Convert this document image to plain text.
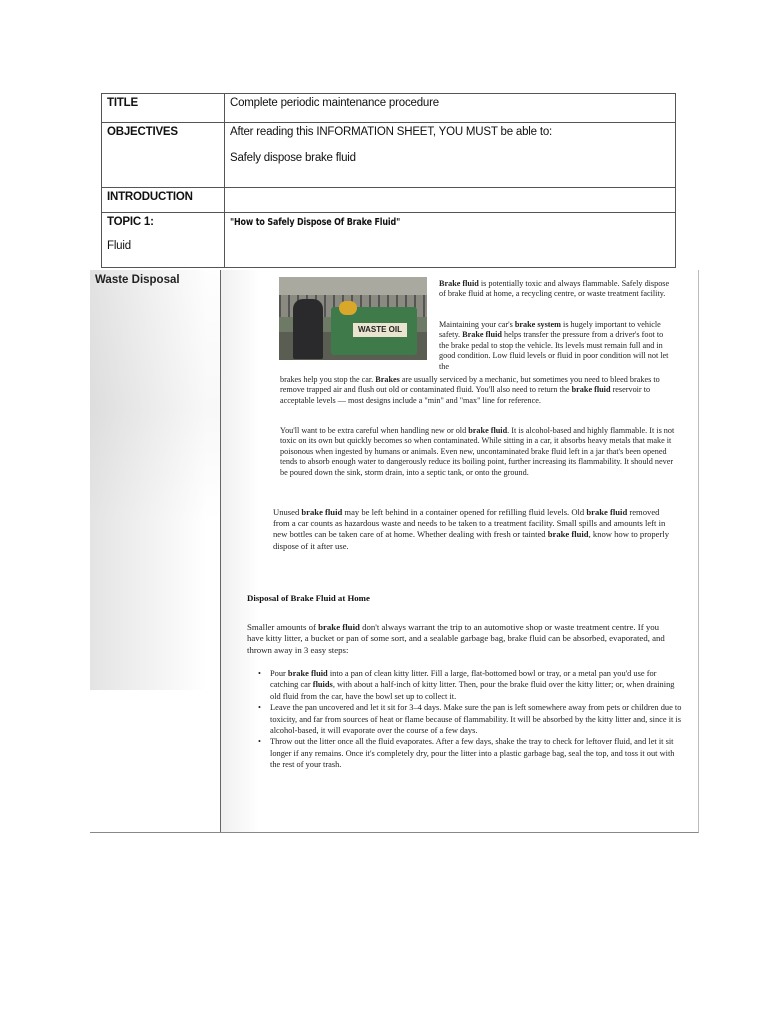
TITLE	Complete periodic maintenance procedure
OBJECTIVES	After reading this INFORMATION SHEET, YOU MUST be able to:
Safely dispose brake fluid

INTRODUCTION	
TOPIC 1:
Fluid	"How to Safely Dispose Of Brake Fluid"
Waste Disposal
WASTE OIL
Brake fluid is potentially toxic and always flammable. Safely dispose of brake fluid at home, a recycling centre, or waste treatment facility.
Maintaining your car's brake system is hugely important to vehicle safety. Brake fluid helps transfer the pressure from a driver's foot to the brake pedal to stop the vehicle. Its levels must remain full and in good condition. Low fluid levels or fluid in poor condition will not let the
brakes help you stop the car. Brakes are usually serviced by a mechanic, but sometimes you need to bleed brakes to remove trapped air and flush out old or contaminated fluid. You'll also need to return the brake fluid reservoir to acceptable levels — most designs include a "min" and "max" line for reference.
You'll want to be extra careful when handling new or old brake fluid. It is alcohol-based and highly flammable. It is not toxic on its own but quickly becomes so when contaminated. While sitting in a car, it absorbs heavy metals that make it poisonous when ingested by humans or animals. Even new, uncontaminated brake fluid left in a jar that's been opened tends to absorb enough water to dangerously reduce its boiling point, further increasing its flammability. It should never be poured down the sink, storm drain, into a septic tank, or onto the ground.
Unused brake fluid may be left behind in a container opened for refilling fluid levels. Old brake fluid removed from a car counts as hazardous waste and needs to be taken to a treatment facility. Small spills and amounts left in new bottles can be taken care of at home. Whether dealing with fresh or tainted brake fluid, know how to properly dispose of it after use.
Disposal of Brake Fluid at Home
Smaller amounts of brake fluid don't always warrant the trip to an automotive shop or waste treatment centre. If you have kitty litter, a bucket or pan of some sort, and a sealable garbage bag, brake fluid can be absorbed, evaporated, and thrown away in 3 easy steps:
• Pour brake fluid into a pan of clean kitty litter. Fill a large, flat-bottomed bowl or tray, or a metal pan you'd use for catching car fluids, with about a half-inch of kitty litter. Then, pour the brake fluid over the kitty litter; or, when draining old fluid from the car, have the bowl set up to collect it.
• Leave the pan uncovered and let it sit for 3–4 days. Make sure the pan is left somewhere away from pets or children due to toxicity, and far from sources of heat or flame because of flammability. It will be absorbed by the kitty litter and, since it is alcohol-based, it will evaporate over the course of a few days.
• Throw out the litter once all the fluid evaporates. After a few days, shake the tray to check for leftover fluid, and let it sit longer if any remains. Once it's completely dry, pour the litter into a plastic garbage bag, seal the top, and toss it out with the rest of your trash.
